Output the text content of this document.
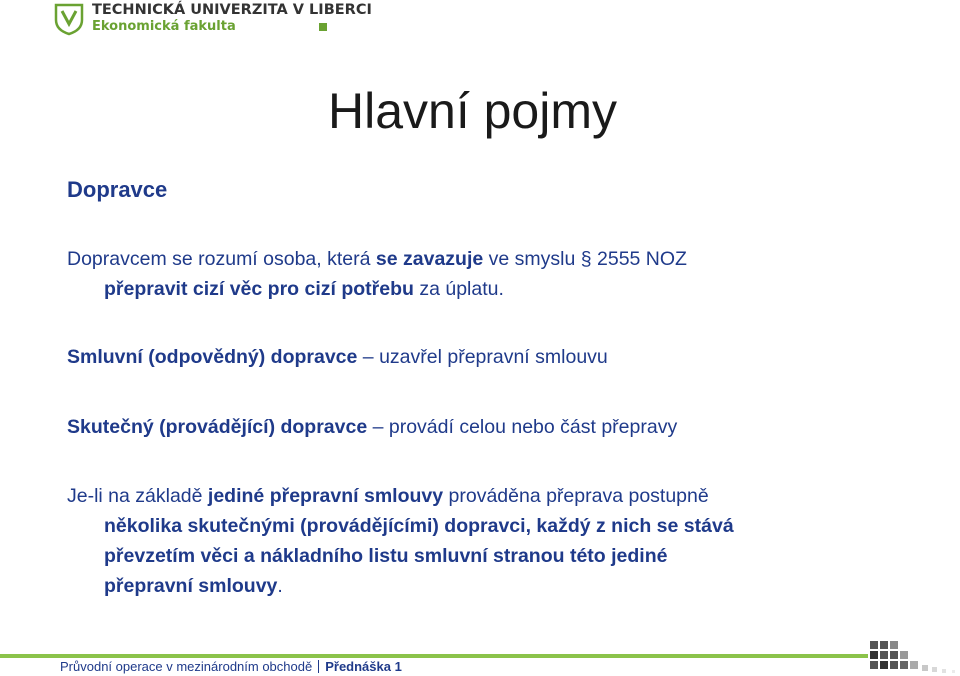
TECHNICKÁ UNIVERZITA V LIBERCI
Ekonomická fakulta
Hlavní pojmy
Dopravce
Dopravcem se rozumí osoba, která se zavazuje ve smyslu § 2555 NOZ
přepravit cizí věc pro cizí potřebu za úplatu.
Smluvní (odpovědný) dopravce – uzavřel přepravní smlouvu
Skutečný (provádějící) dopravce – provádí celou nebo část přepravy
Je-li na základě jediné přepravní smlouvy prováděna přeprava postupně
několika skutečnými (provádějícími) dopravci, každý z nich se stává
převzetím věci a nákladního listu smluvní stranou této jediné
přepravní smlouvy.
Průvodní operace v mezinárodním obchodě Přednáška 1
